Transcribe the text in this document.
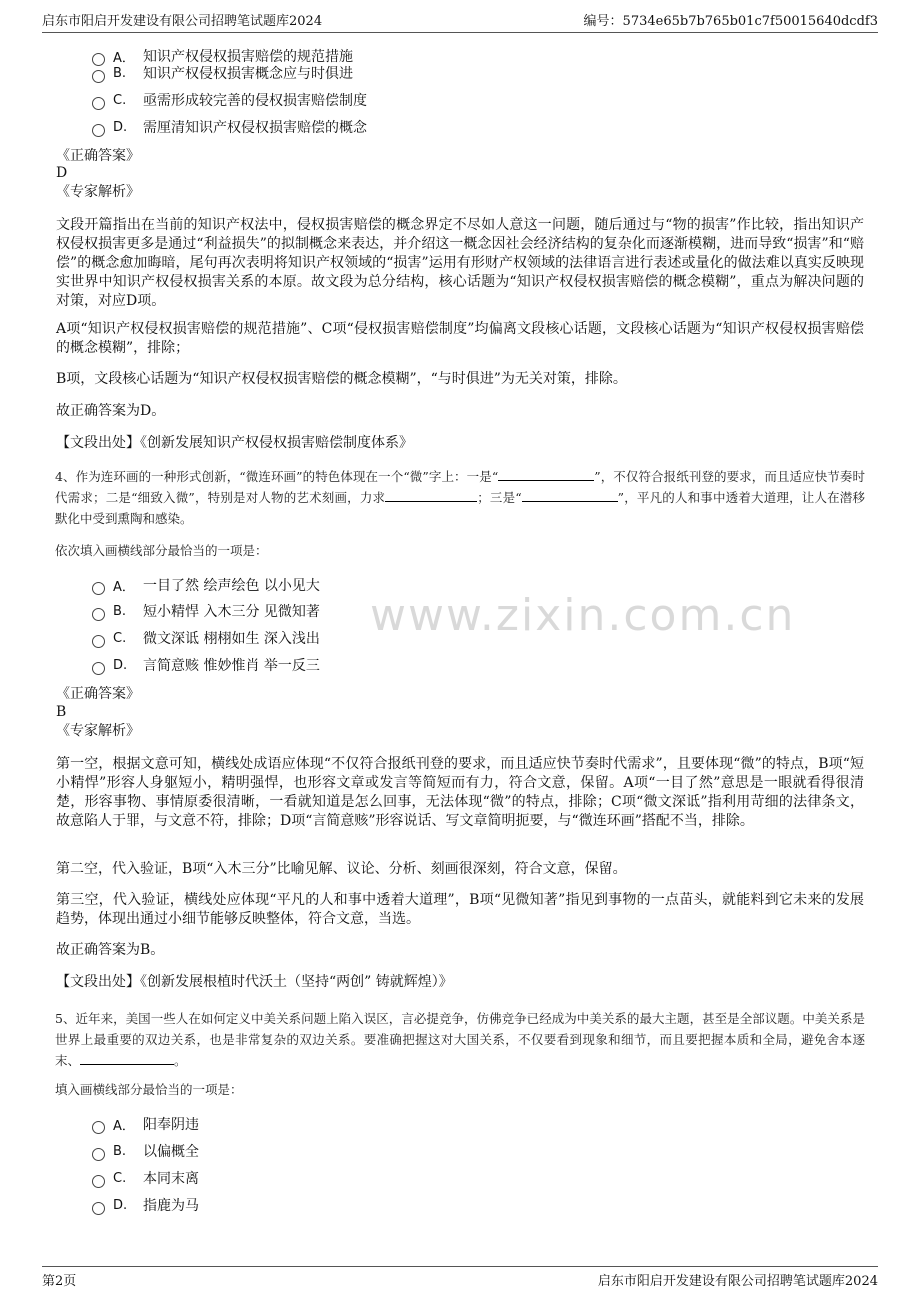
启东市阳启开发建设有限公司招聘笔试题库2024	编号：5734e65b7b765b01c7f50015640dcdf3
www.zixin.com.cn
A． 知识产权侵权损害赔偿的规范措施
B.	知识产权侵权损害概念应与时俱进
C.	亟需形成较完善的侵权损害赔偿制度
D.	需厘清知识产权侵权损害赔偿的概念
《正确答案》
D
《专家解析》
文段开篇指出在当前的知识产权法中，侵权损害赔偿的概念界定不尽如人意这一问题，随后通过与“物的损害”作比较，指出知识产权侵权损害更多是通过“利益损失”的拟制概念来表达，并介绍这一概念因社会经济结构的复杂化而逐渐模糊，进而导致“损害”和“赔偿”的概念愈加晦暗，尾句再次表明将知识产权领域的“损害”运用有形财产权领域的法律语言进行表述或量化的做法难以真实反映现实世界中知识产权侵权损害关系的本原。故文段为总分结构，核心话题为“知识产权侵权损害赔偿的概念模糊”，重点为解决问题的对策，对应D项。
A项“知识产权侵权损害赔偿的规范措施”、C项“侵权损害赔偿制度”均偏离文段核心话题，文段核心话题为“知识产权侵权损害赔偿的概念模糊”，排除；
B项，文段核心话题为“知识产权侵权损害赔偿的概念模糊”，“与时俱进”为无关对策，排除。
故正确答案为D。
【文段出处】《创新发展知识产权侵权损害赔偿制度体系》
4、作为连环画的一种形式创新，“微连环画”的特色体现在一个“微”字上：一是“	”，不仅符合报纸刊登的要求，而且适应快节奏时代需求；二是“细致入微”，特别是对人物的艺术刻画，力求	；三是“	”，平凡的人和事中透着大道理，让人在潜移默化中受到熏陶和感染。
依次填入画横线部分最恰当的一项是：
A． 一目了然 绘声绘色 以小见大
B.	短小精悍 入木三分 见微知著
C.	微文深诋 栩栩如生 深入浅出
D.	言简意赅 惟妙惟肖 举一反三
《正确答案》
B
《专家解析》
第一空，根据文意可知，横线处成语应体现“不仅符合报纸刊登的要求，而且适应快节奏时代需求”，且要体现“微”的特点，B项“短小精悍”形容人身躯短小，精明强悍，也形容文章或发言等简短而有力，符合文意，保留。A项“一目了然”意思是一眼就看得很清楚，形容事物、事情原委很清晰，一看就知道是怎么回事，无法体现“微”的特点，排除；C项“微文深诋”指利用苛细的法律条文，故意陷人于罪，与文意不符，排除；D项“言简意赅”形容说话、写文章简明扼要，与“微连环画”搭配不当，排除。
第二空，代入验证，B项“入木三分”比喻见解、议论、分析、刻画很深刻，符合文意，保留。
第三空，代入验证，横线处应体现“平凡的人和事中透着大道理”，B项“见微知著”指见到事物的一点苗头，就能料到它未来的发展趋势，体现出通过小细节能够反映整体，符合文意，当选。
故正确答案为B。
【文段出处】《创新发展根植时代沃土（坚持“两创” 铸就辉煌）》
5、近年来，美国一些人在如何定义中美关系问题上陷入误区，言必提竞争，仿佛竞争已经成为中美关系的最大主题，甚至是全部议题。中美关系是世界上最重要的双边关系，也是非常复杂的双边关系。要准确把握这对大国关系，不仅要看到现象和细节，而且要把握本质和全局，避免舍本逐末、	。
填入画横线部分最恰当的一项是：
A． 阳奉阴违
B.	以偏概全
C.	本同末离
D.	指鹿为马
第2页	启东市阳启开发建设有限公司招聘笔试题库2024
